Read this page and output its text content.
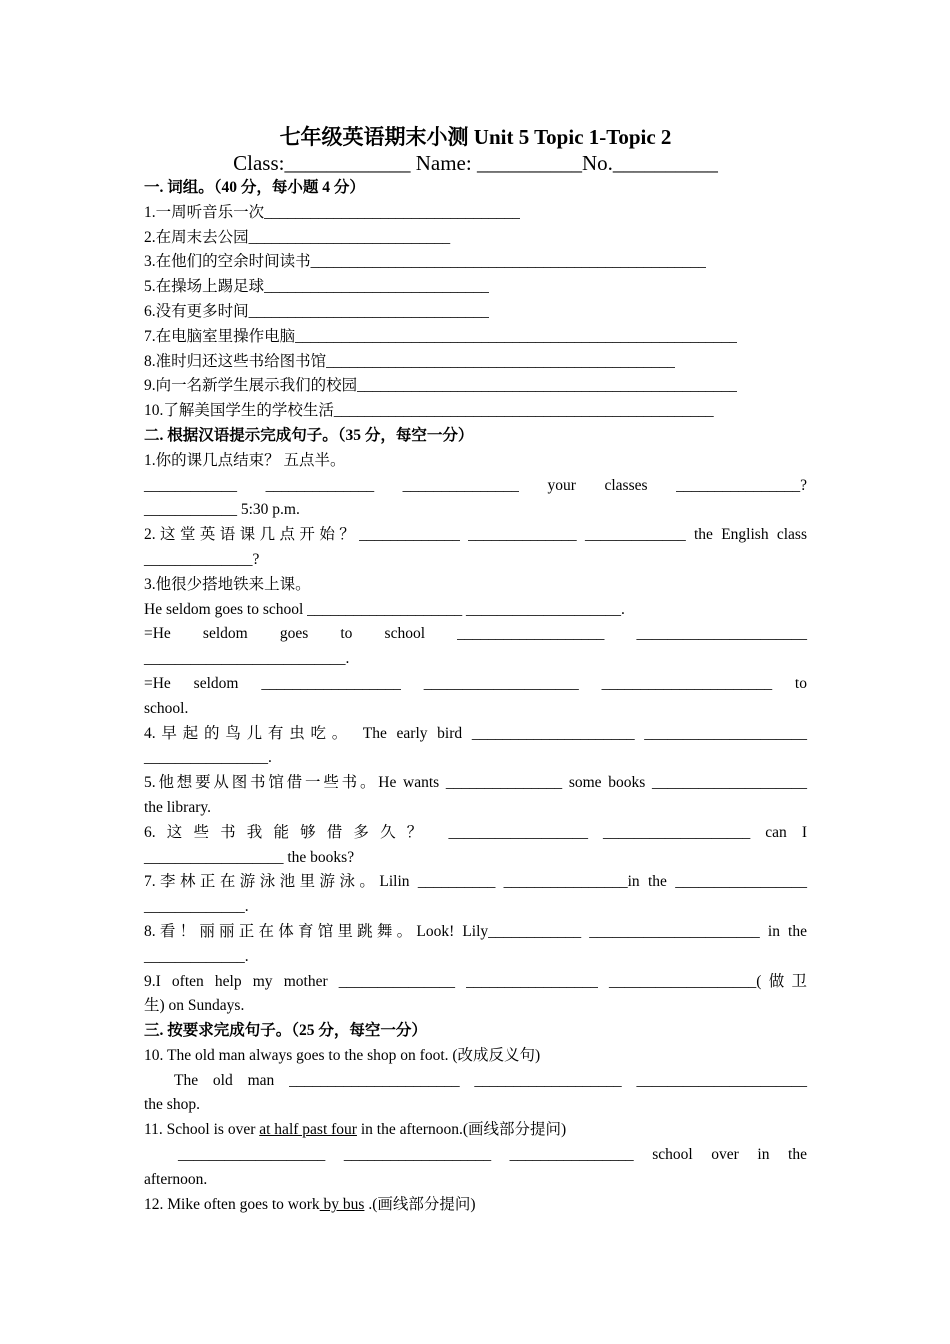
七年级英语期末小测 Unit 5 Topic 1-Topic 2

Class:____________ Name: __________No.__________

一. 词组。（40 分，每小题 4 分）

1.一周听音乐一次_________________________________

2.在周末去公园__________________________

3.在他们的空余时间读书___________________________________________________

5.在操场上踢足球_____________________________

6.没有更多时间_______________________________

7.在电脑室里操作电脑_________________________________________________________

8.准时归还这些书给图书馆_____________________________________________

9.向一名新学生展示我们的校园_________________________________________________

10.了解美国学生的学校生活_________________________________________________

二. 根据汉语提示完成句子。（35 分，每空一分）

1.你的课几点结束？ 五点半。

____________ ______________ _______________ your classes ________________?

____________ 5:30 p.m.

2.这堂英语课几点开始？_____________ ______________ _____________ the English class

______________?

3.他很少搭地铁来上课。

He seldom goes to school ____________________ ____________________.

=He seldom goes to school ___________________ ______________________

__________________________.

=He seldom __________________ ____________________ ______________________ to

school.

4.早起的鸟儿有虫吃。 The early bird _____________________ _____________________

________________.

5.他想要从图书馆借一些书。He wants _______________ some books ____________________

the library.

6.这些书我能够借多久？ __________________ ___________________ can I

__________________ the books?

7.李林正在游泳池里游泳。Lilin __________ ________________in the _________________

_____________.

8.看！丽丽正在体育馆里跳舞。Look! Lily____________ ______________________ in the

_____________.

9.I often help my mother _______________ _________________ ___________________(做卫

生) on Sundays.

三. 按要求完成句子。（25 分，每空一分）

10. The old man always goes to the shop on foot. (改成反义句)

The old man ______________________ ___________________ ______________________

the shop.

11. School is over at half past four in the afternoon.(画线部分提问)

___________________ ___________________ ________________ school over in the

afternoon.

12. Mike often goes to work by bus .(画线部分提问)
